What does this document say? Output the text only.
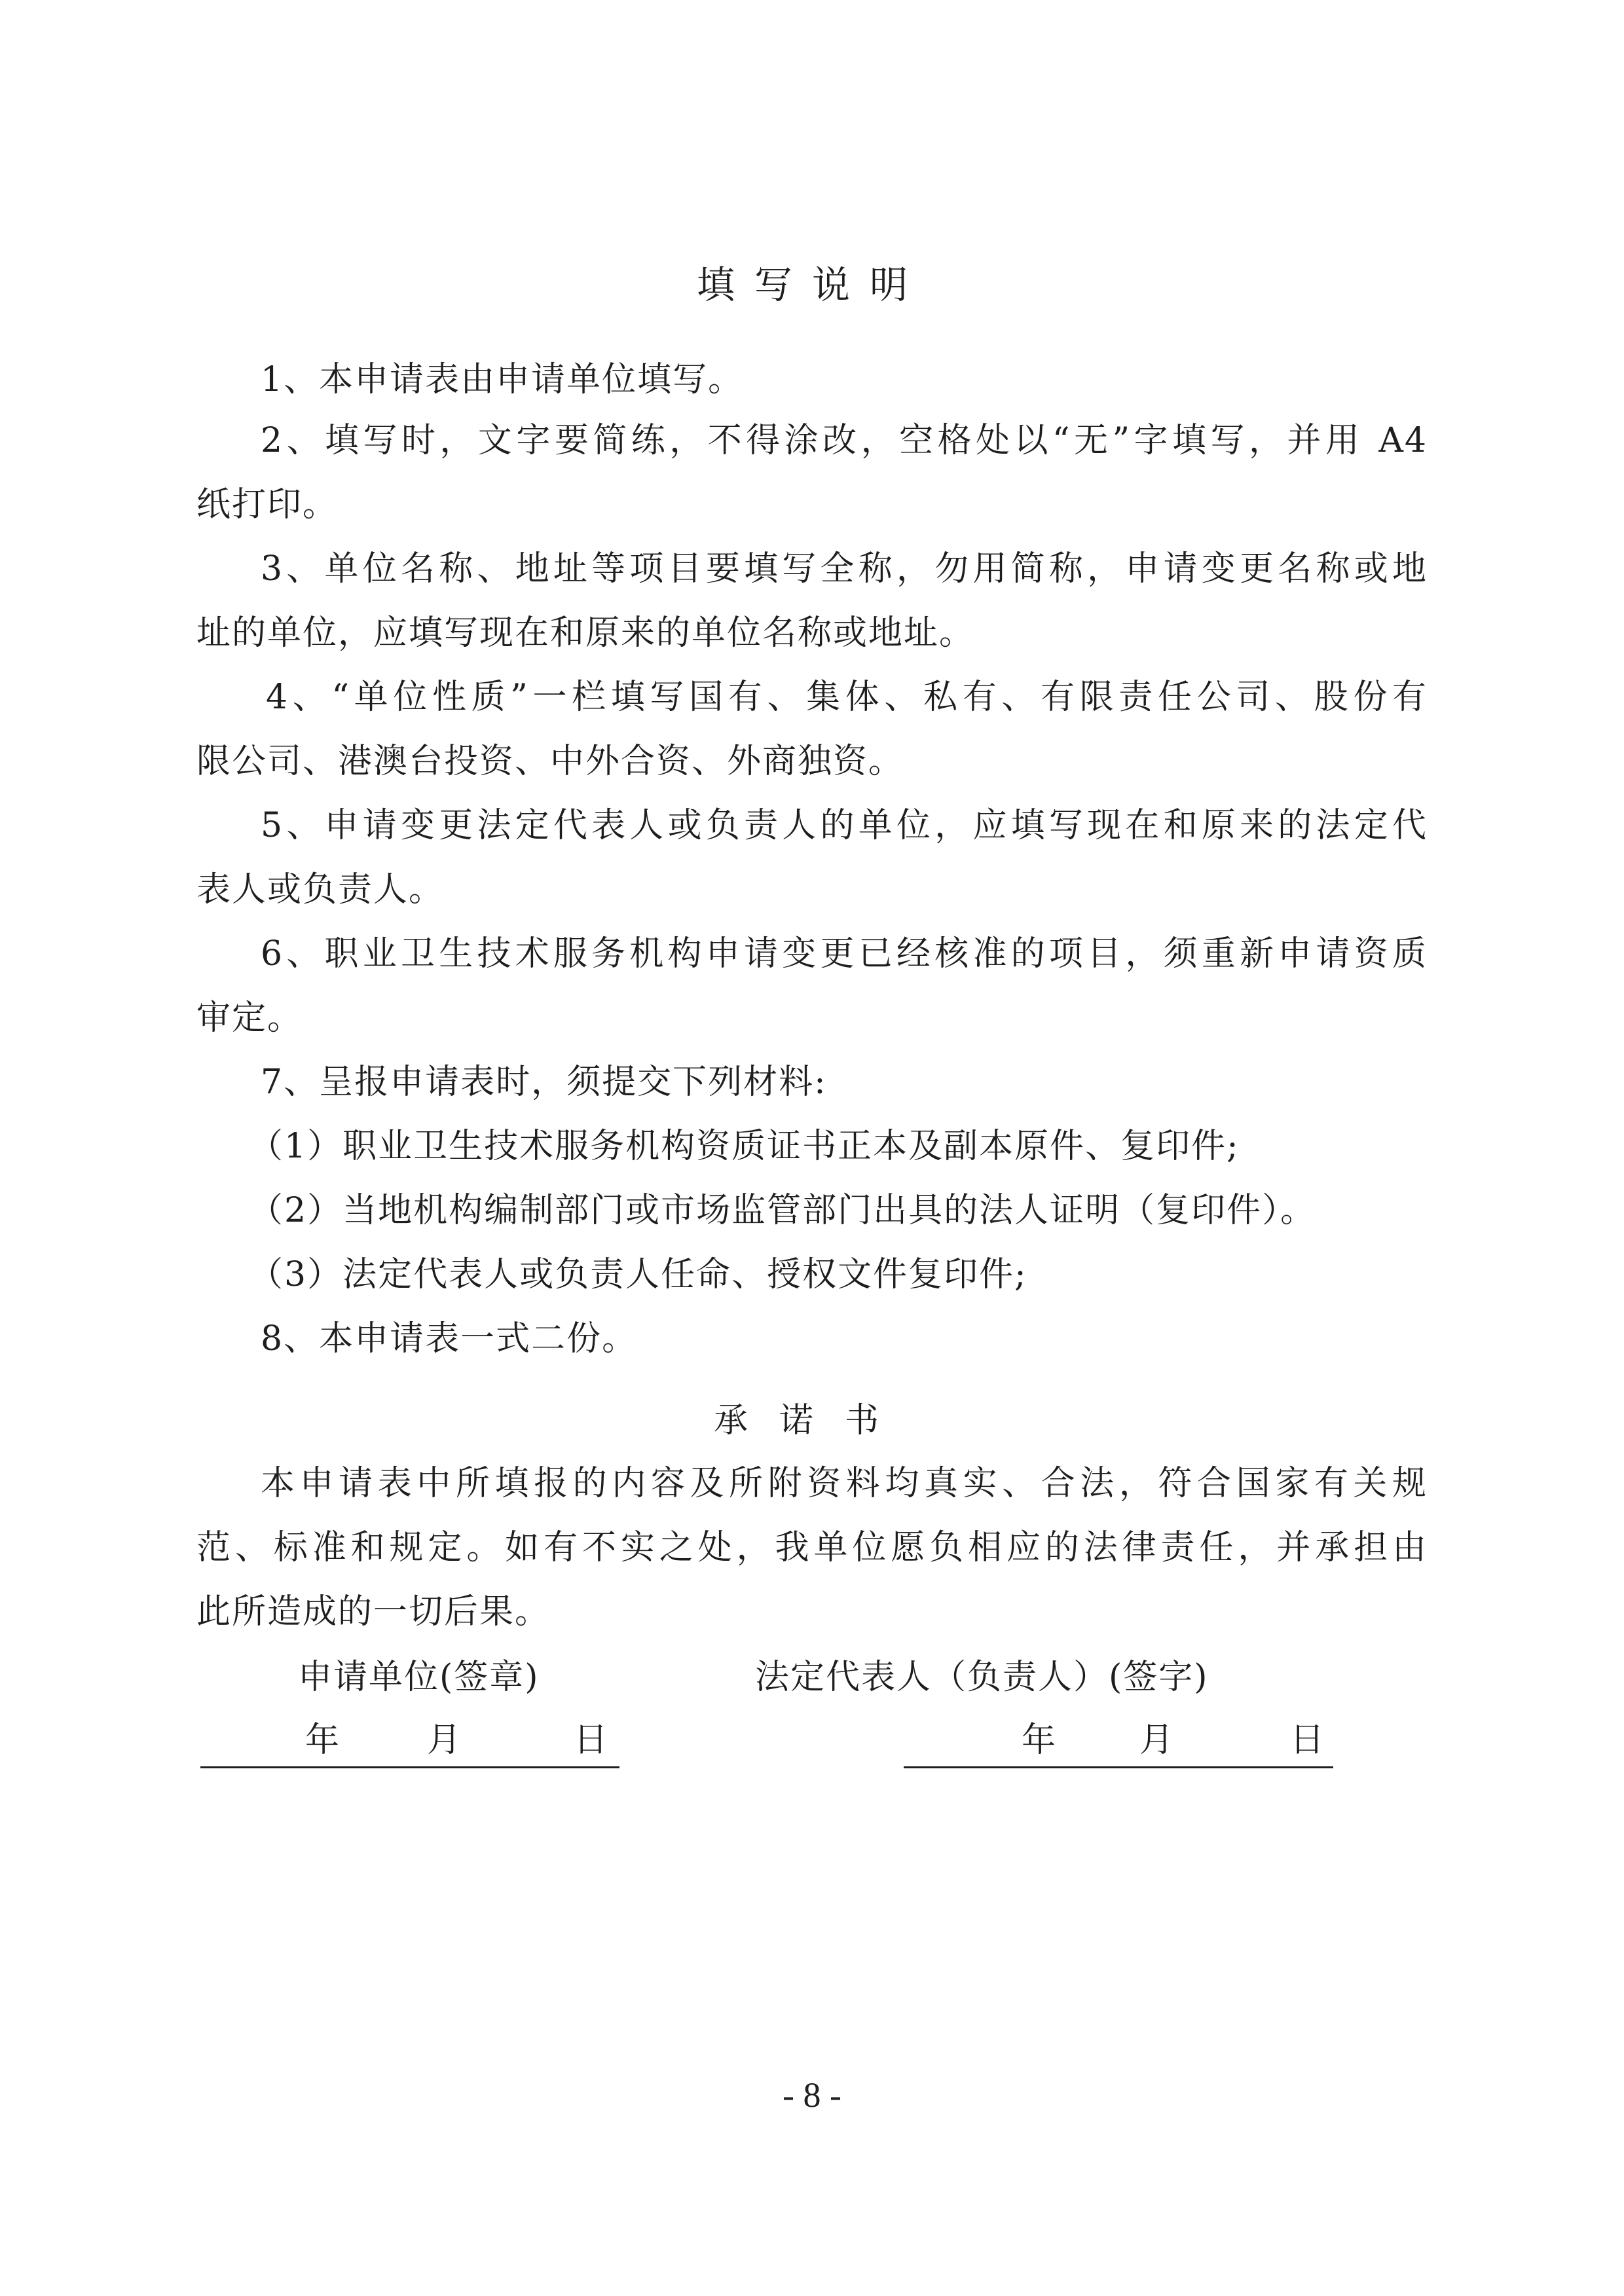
填写说明
1、本申请表由申请单位填写。
2、填写时，文字要简练，不得涂改，空格处以“无”字填写，并用 A4
纸打印。
3、单位名称、地址等项目要填写全称，勿用简称，申请变更名称或地
址的单位，应填写现在和原来的单位名称或地址。
4、“单位性质”一栏填写国有、集体、私有、有限责任公司、股份有
限公司、港澳台投资、中外合资、外商独资。
5、申请变更法定代表人或负责人的单位，应填写现在和原来的法定代
表人或负责人。
6、职业卫生技术服务机构申请变更已经核准的项目，须重新申请资质
审定。
7、呈报申请表时，须提交下列材料:
（1）职业卫生技术服务机构资质证书正本及副本原件、复印件;
（2）当地机构编制部门或市场监管部门出具的法人证明（复印件）。
（3）法定代表人或负责人任命、授权文件复印件;
8、本申请表一式二份。
承诺书
本申请表中所填报的内容及所附资料均真实、合法，符合国家有关规
范、标准和规定。如有不实之处，我单位愿负相应的法律责任，并承担由
此所造成的一切后果。
申请单位(签章)	法定代表人（负责人）(签字)
年	月	日	年 月	日
- 8 -
